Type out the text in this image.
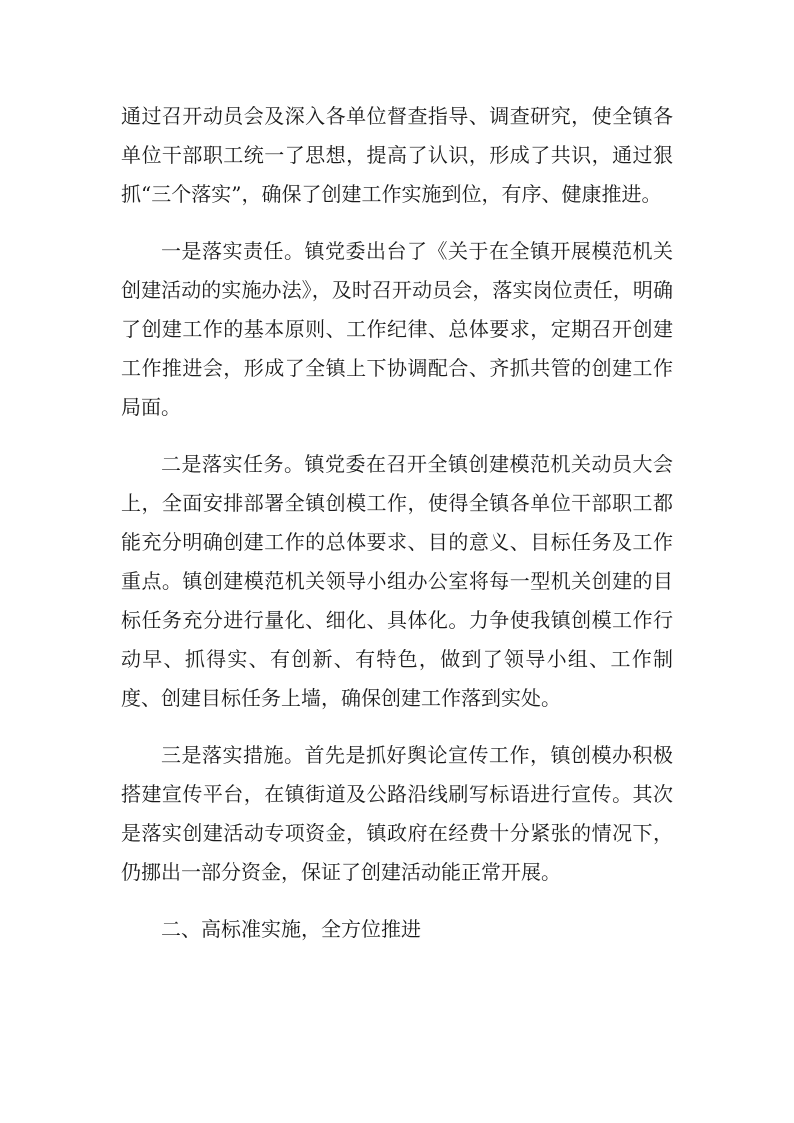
通过召开动员会及深入各单位督查指导、调查研究，使全镇各单位干部职工统一了思想，提高了认识，形成了共识，通过狠抓“三个落实”，确保了创建工作实施到位，有序、健康推进。

一是落实责任。镇党委出台了《关于在全镇开展模范机关创建活动的实施办法》，及时召开动员会，落实岗位责任，明确了创建工作的基本原则、工作纪律、总体要求，定期召开创建工作推进会，形成了全镇上下协调配合、齐抓共管的创建工作局面。

二是落实任务。镇党委在召开全镇创建模范机关动员大会上，全面安排部署全镇创模工作，使得全镇各单位干部职工都能充分明确创建工作的总体要求、目的意义、目标任务及工作重点。镇创建模范机关领导小组办公室将每一型机关创建的目标任务充分进行量化、细化、具体化。力争使我镇创模工作行动早、抓得实、有创新、有特色，做到了领导小组、工作制度、创建目标任务上墙，确保创建工作落到实处。

三是落实措施。首先是抓好舆论宣传工作，镇创模办积极搭建宣传平台，在镇街道及公路沿线刷写标语进行宣传。其次是落实创建活动专项资金，镇政府在经费十分紧张的情况下，仍挪出一部分资金，保证了创建活动能正常开展。

二、高标准实施，全方位推进
